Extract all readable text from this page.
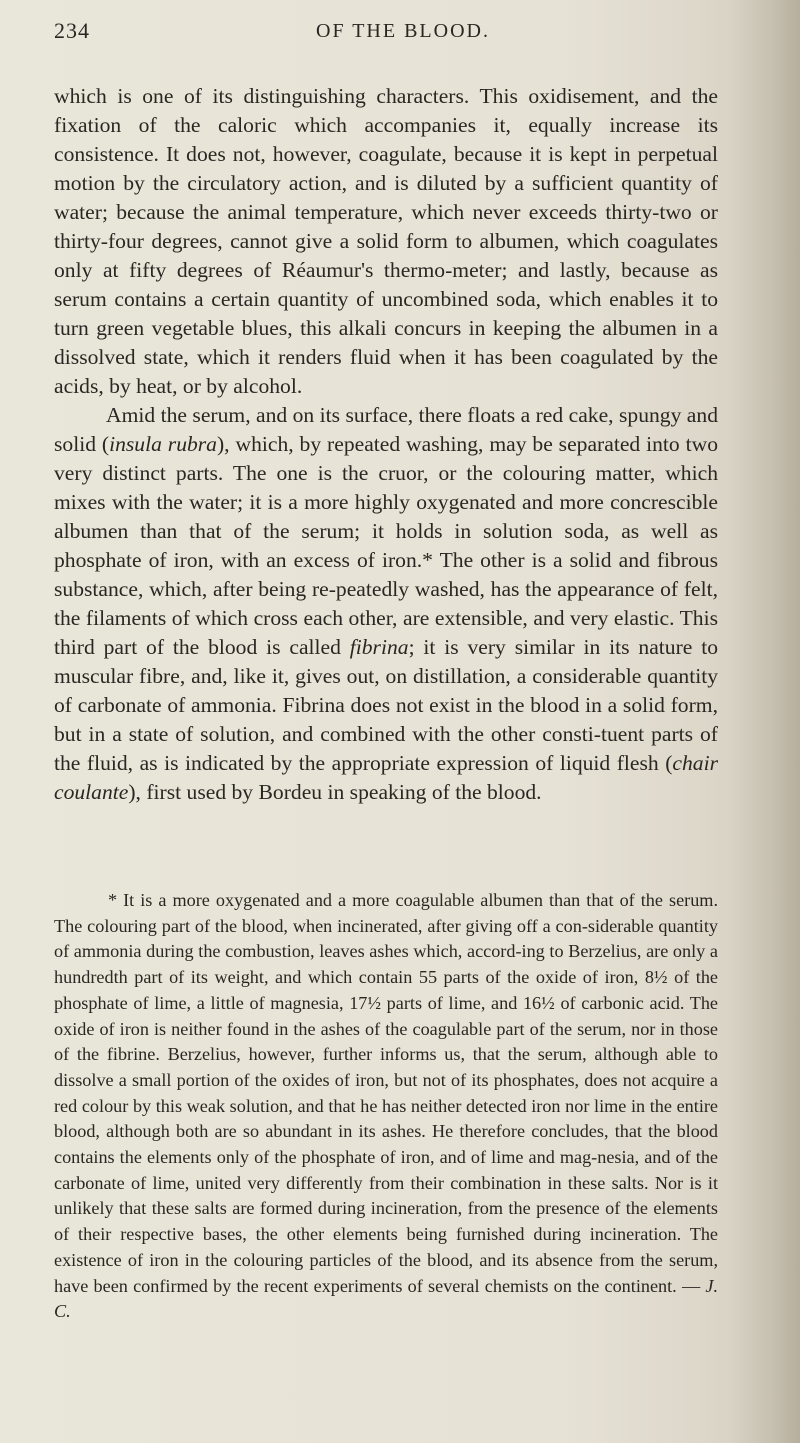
234	OF THE BLOOD.

which is one of its distinguishing characters. This oxidisement, and the fixation of the caloric which accompanies it, equally increase its consistence. It does not, however, coagulate, because it is kept in perpetual motion by the circulatory action, and is diluted by a sufficient quantity of water; because the animal temperature, which never exceeds thirty-two or thirty-four degrees, cannot give a solid form to albumen, which coagulates only at fifty degrees of Réaumur's thermo-meter; and lastly, because as serum contains a certain quantity of uncombined soda, which enables it to turn green vegetable blues, this alkali concurs in keeping the albumen in a dissolved state, which it renders fluid when it has been coagulated by the acids, by heat, or by alcohol.

Amid the serum, and on its surface, there floats a red cake, spungy and solid (insula rubra), which, by repeated washing, may be separated into two very distinct parts. The one is the cruor, or the colouring matter, which mixes with the water; it is a more highly oxygenated and more concrescible albumen than that of the serum; it holds in solution soda, as well as phosphate of iron, with an excess of iron.* The other is a solid and fibrous substance, which, after being re-peatedly washed, has the appearance of felt, the filaments of which cross each other, are extensible, and very elastic. This third part of the blood is called fibrina; it is very similar in its nature to muscular fibre, and, like it, gives out, on distillation, a considerable quantity of carbonate of ammonia. Fibrina does not exist in the blood in a solid form, but in a state of solution, and combined with the other consti-tuent parts of the fluid, as is indicated by the appropriate expression of liquid flesh (chair coulante), first used by Bordeu in speaking of the blood.

* It is a more oxygenated and a more coagulable albumen than that of the serum. The colouring part of the blood, when incinerated, after giving off a con-siderable quantity of ammonia during the combustion, leaves ashes which, accord-ing to Berzelius, are only a hundredth part of its weight, and which contain 55 parts of the oxide of iron, 8½ of the phosphate of lime, a little of magnesia, 17½ parts of lime, and 16½ of carbonic acid. The oxide of iron is neither found in the ashes of the coagulable part of the serum, nor in those of the fibrine. Berzelius, however, further informs us, that the serum, although able to dissolve a small portion of the oxides of iron, but not of its phosphates, does not acquire a red colour by this weak solution, and that he has neither detected iron nor lime in the entire blood, although both are so abundant in its ashes. He therefore concludes, that the blood contains the elements only of the phosphate of iron, and of lime and mag-nesia, and of the carbonate of lime, united very differently from their combination in these salts. Nor is it unlikely that these salts are formed during incineration, from the presence of the elements of their respective bases, the other elements being furnished during incineration. The existence of iron in the colouring particles of the blood, and its absence from the serum, have been confirmed by the recent experiments of several chemists on the continent. — J. C.
